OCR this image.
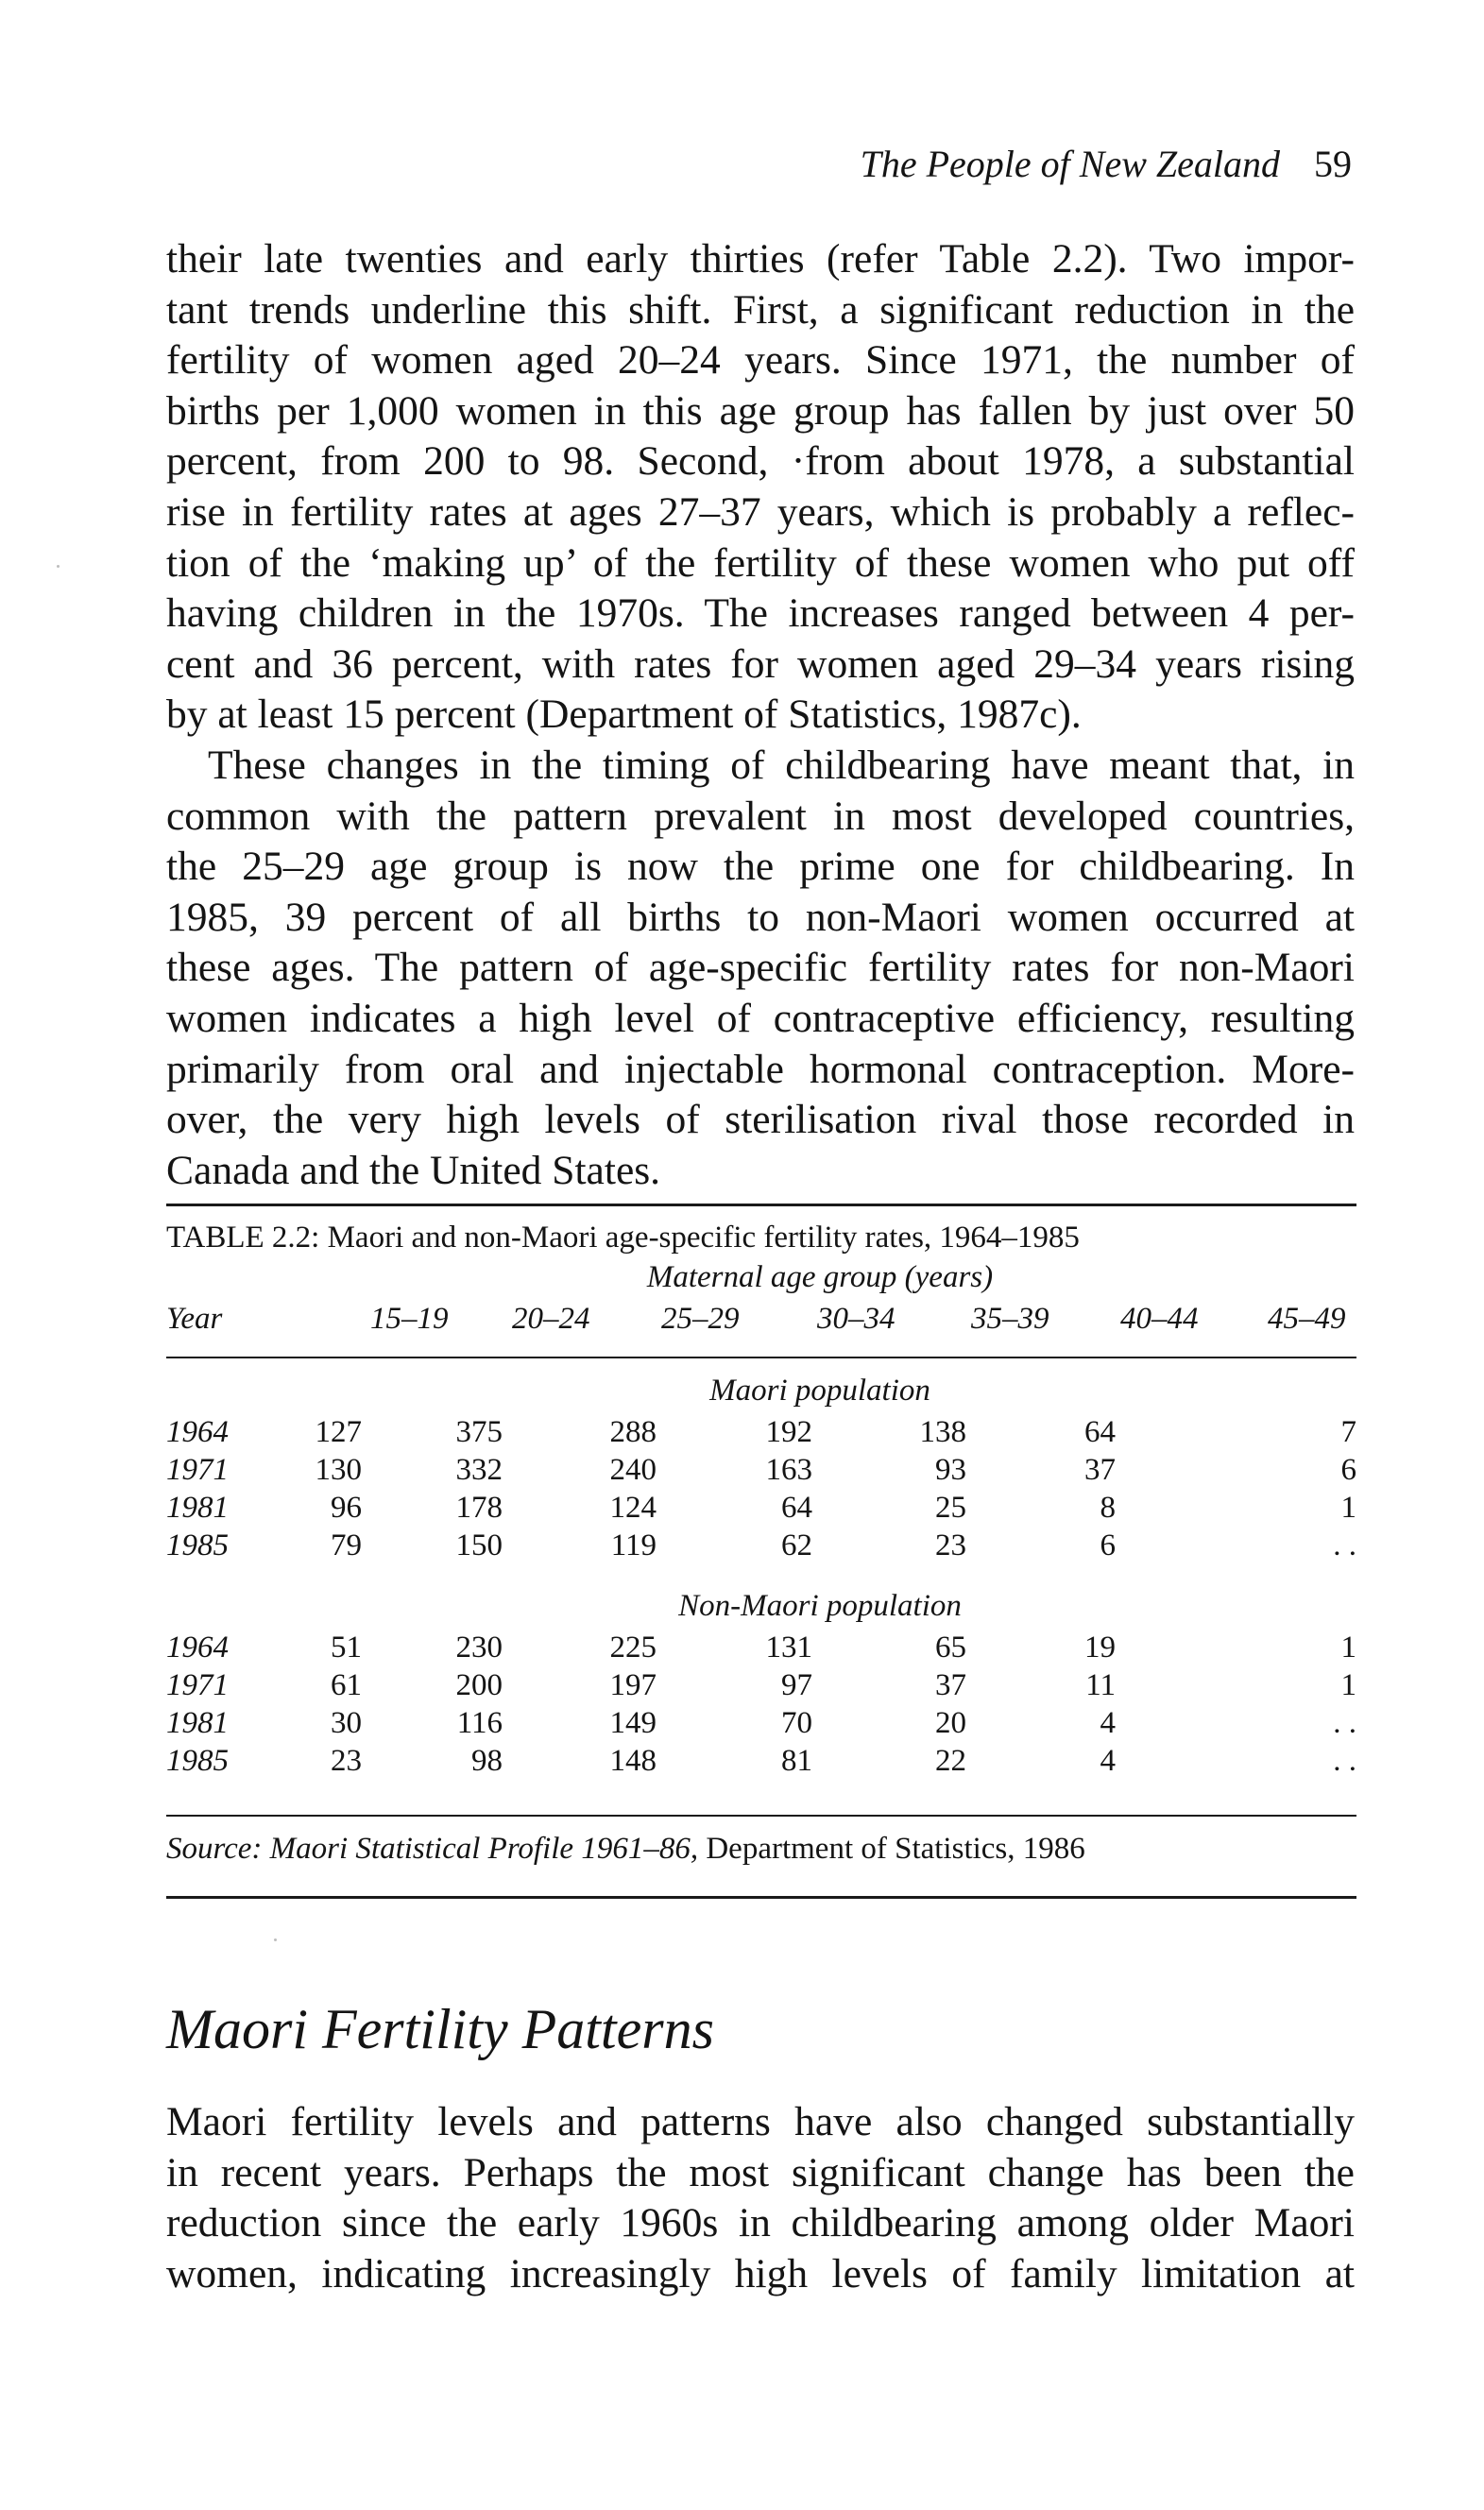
The People of New Zealand 59
their late twenties and early thirties (refer Table 2.2). Two impor-
tant trends underline this shift. First, a significant reduction in the
fertility of women aged 20–24 years. Since 1971, the number of
births per 1,000 women in this age group has fallen by just over 50
percent, from 200 to 98. Second, ·from about 1978, a substantial
rise in fertility rates at ages 27–37 years, which is probably a reflec-
tion of the ‘making up’ of the fertility of these women who put off
having children in the 1970s. The increases ranged between 4 per-
cent and 36 percent, with rates for women aged 29–34 years rising
by at least 15 percent (Department of Statistics, 1987c).
These changes in the timing of childbearing have meant that, in
common with the pattern prevalent in most developed countries,
the 25–29 age group is now the prime one for childbearing. In
1985, 39 percent of all births to non-Maori women occurred at
these ages. The pattern of age-specific fertility rates for non-Maori
women indicates a high level of contraceptive efficiency, resulting
primarily from oral and injectable hormonal contraception. More-
over, the very high levels of sterilisation rival those recorded in
Canada and the United States.
TABLE 2.2: Maori and non-Maori age-specific fertility rates, 1964–1985
Maternal age group (years)
Year	15–19 20–24 25–29	30–34 35–39 40–44 45–49
Maori population
1964	127	375	288	192	138	64	7
1971	130	332	240	163	93	37	6
1981	96	178	124	64	25	8	1
1985	79	150	119	62	23	6	. .
Non-Maori population
1964	51	230	225	131	65	19	1
1971	61	200	197	97	37	11	1
1981	30	116	149	70	20	4	. .
1985	23	98	148	81	22	4	. .
Source: Maori Statistical Profile 1961–86, Department of Statistics, 1986
Maori Fertility Patterns
Maori fertility levels and patterns have also changed substantially
in recent years. Perhaps the most significant change has been the
reduction since the early 1960s in childbearing among older Maori
women, indicating increasingly high levels of family limitation at
